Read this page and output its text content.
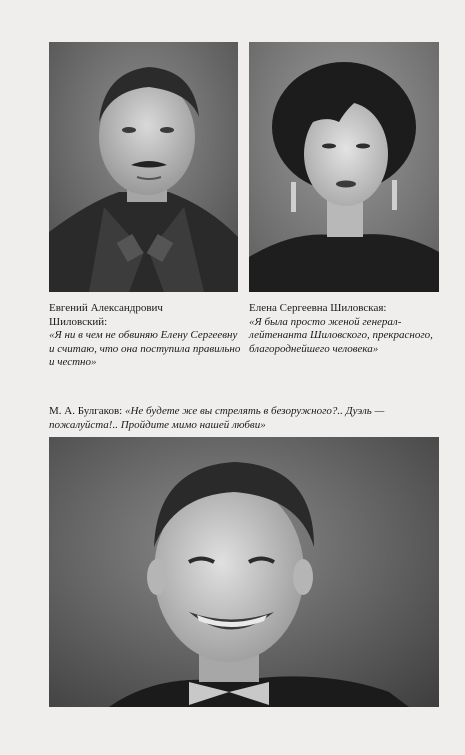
Евгений Александрович
Шиловский:
«Я ни в чем не обвиняю Елену Сергеевну и считаю, что она поступила правильно и честно»
Елена Сергеевна Шиловская:
«Я была просто женой генерал-лейтенанта Шиловского, прекрасного, благороднейшего человека»
М. А. Булгаков: «Не будете же вы стрелять в безоружного?.. Дуэль — пожалуйста!.. Пройдите мимо нашей любви»
